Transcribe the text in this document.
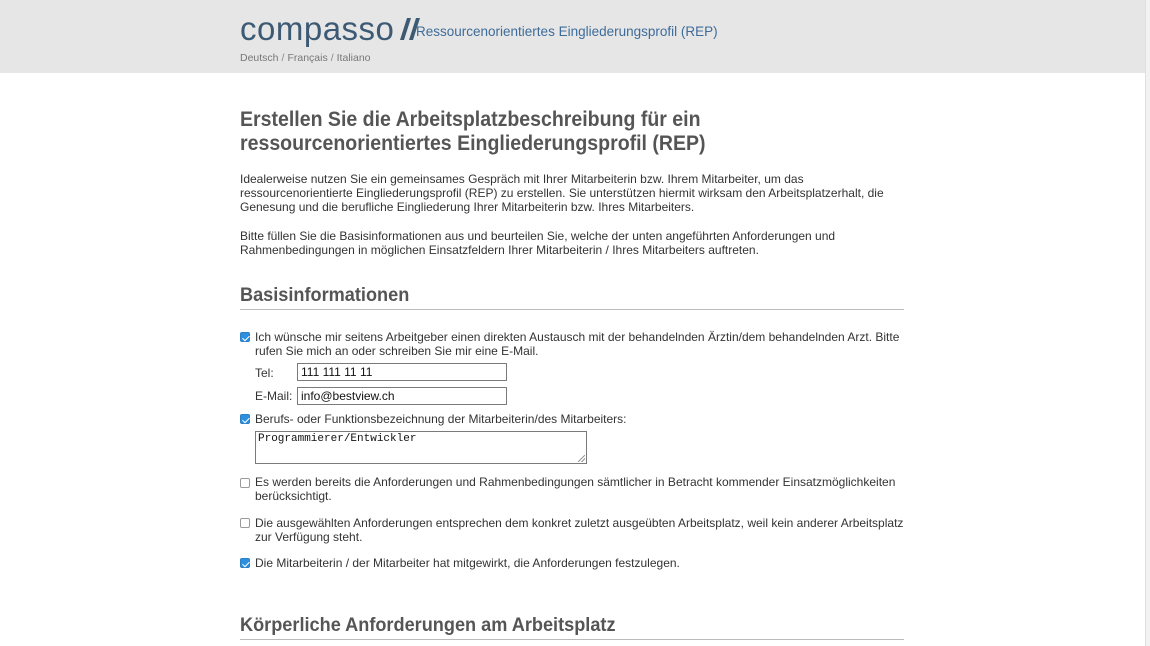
compasso Ressourcenorientiertes Eingliederungsprofil (REP)
Deutsch / Français / Italiano
Erstellen Sie die Arbeitsplatzbeschreibung für ein ressourcenorientiertes Eingliederungsprofil (REP)

Idealerweise nutzen Sie ein gemeinsames Gespräch mit Ihrer Mitarbeiterin bzw. Ihrem Mitarbeiter, um das ressourcenorientierte Eingliederungsprofil (REP) zu erstellen. Sie unterstützen hiermit wirksam den Arbeitsplatzerhalt, die Genesung und die berufliche Eingliederung Ihrer Mitarbeiterin bzw. Ihres Mitarbeiters.

Bitte füllen Sie die Basisinformationen aus und beurteilen Sie, welche der unten angeführten Anforderungen und Rahmenbedingungen in möglichen Einsatzfeldern Ihrer Mitarbeiterin / Ihres Mitarbeiters auftreten.

Basisinformationen
Ich wünsche mir seitens Arbeitgeber einen direkten Austausch mit der behandelnden Ärztin/dem behandelnden Arzt. Bitte rufen Sie mich an oder schreiben Sie mir eine E-Mail.
Tel:
111 111 11 11
E-Mail:
info@bestview.ch
Berufs- oder Funktionsbezeichnung der Mitarbeiterin/des Mitarbeiters:
Programmierer/Entwickler
Es werden bereits die Anforderungen und Rahmenbedingungen sämtlicher in Betracht kommender Einsatzmöglichkeiten berücksichtigt.
Die ausgewählten Anforderungen entsprechen dem konkret zuletzt ausgeübten Arbeitsplatz, weil kein anderer Arbeitsplatz zur Verfügung steht.
Die Mitarbeiterin / der Mitarbeiter hat mitgewirkt, die Anforderungen festzulegen.
Körperliche Anforderungen am Arbeitsplatz
